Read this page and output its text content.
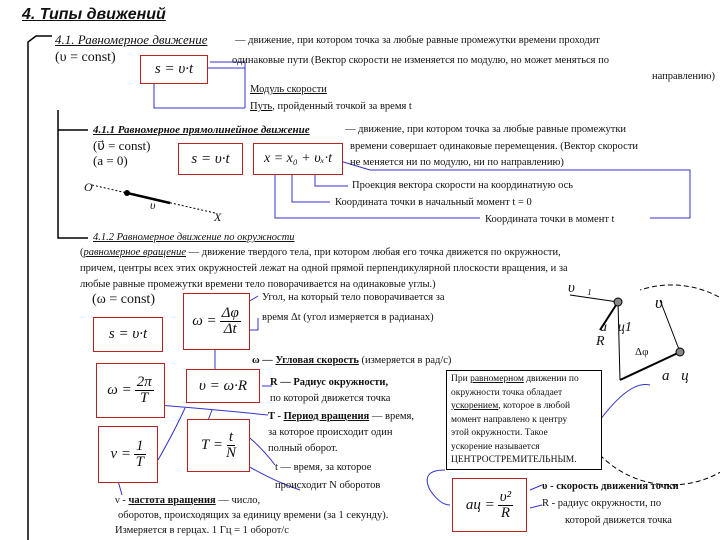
4. Типы движений
4.1. Равномерное движение	— движение, при котором точка за любые равные промежутки времени проходит
одинаковые пути (Вектор скорости не изменяется по модулю, но может меняться по
направлению)
(υ = const)
s = υ·t
Модуль скорости
Путь, пройденный точкой за время t
4.1.1 Равномерное прямолинейное движение	— движение, при котором точка за любые равные промежутки
времени совершает одинаковые перемещения. (Вектор скорости
не меняется ни по модулю, ни по направлению)
(υ⃗ = const)
(a = 0)	s = υ·t	x = x₀ + υₓ·t
Проекция вектора скорости на координатную ось
Координата точки в начальный момент t = 0
Координата точки в момент t
O
υ⃗
X
4.1.2 Равномерное движение по окружности
(равномерное вращение — движение твердого тела, при котором любая его точка движется по окружности,
причем, центры всех этих окружностей лежат на одной прямой перпендикулярной плоскости вращения, и за
любые равные промежутки времени тело поворачивается на одинаковые углы.)
(ω = const)
s = υ·t
$\omega = \frac{\Delta\varphi}{\Delta t}$
Угол, на который тело поворачивается за
время Δt (угол измеряется в радианах)
ω — Угловая скорость (измеряется в рад/с)
$\omega = \frac{2\pi}{T}$	υ = ω·R	R — Радиус окружности,
по которой движется точка
T - Период вращения — время,
за которое происходит один
полный оборот.
$\nu = \frac{1}{T}$	$T = \frac{t}{N}$
t — время, за которое
происходит N оборотов
ν - частота вращения — число,
оборотов, происходящих за единицу времени (за 1 секунду).
Измеряется в герцах. 1 Гц = 1 оборот/с
При равномерном движении по
окружности точка обладает
ускорением, которое в любой
момент направлено к центру
этой окружности. Такое
ускорение называется
ЦЕНТРОСТРЕМИТЕЛЬНЫМ.
aц = $\frac{\text{υ²}}{R}$
υ - скорость движения точки
R - радиус окружности, по
которой движется точка
υ⃗₁
υ⃗
a⃗ц1
Δφ
R
a⃗ц
